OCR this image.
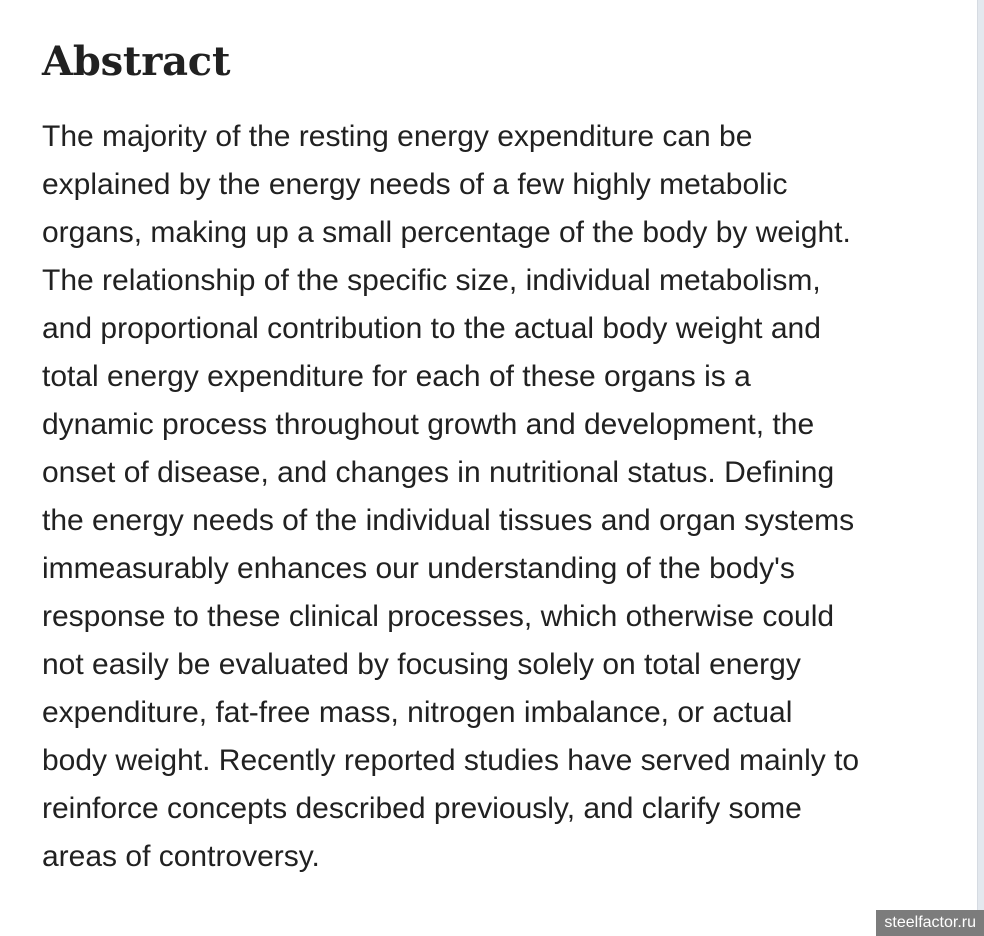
Abstract

The majority of the resting energy expenditure can be
explained by the energy needs of a few highly metabolic
organs, making up a small percentage of the body by weight.
The relationship of the specific size, individual metabolism,
and proportional contribution to the actual body weight and
total energy expenditure for each of these organs is a
dynamic process throughout growth and development, the
onset of disease, and changes in nutritional status. Defining
the energy needs of the individual tissues and organ systems
immeasurably enhances our understanding of the body's
response to these clinical processes, which otherwise could
not easily be evaluated by focusing solely on total energy
expenditure, fat-free mass, nitrogen imbalance, or actual
body weight. Recently reported studies have served mainly to
reinforce concepts described previously, and clarify some
areas of controversy.

steelfactor.ru
